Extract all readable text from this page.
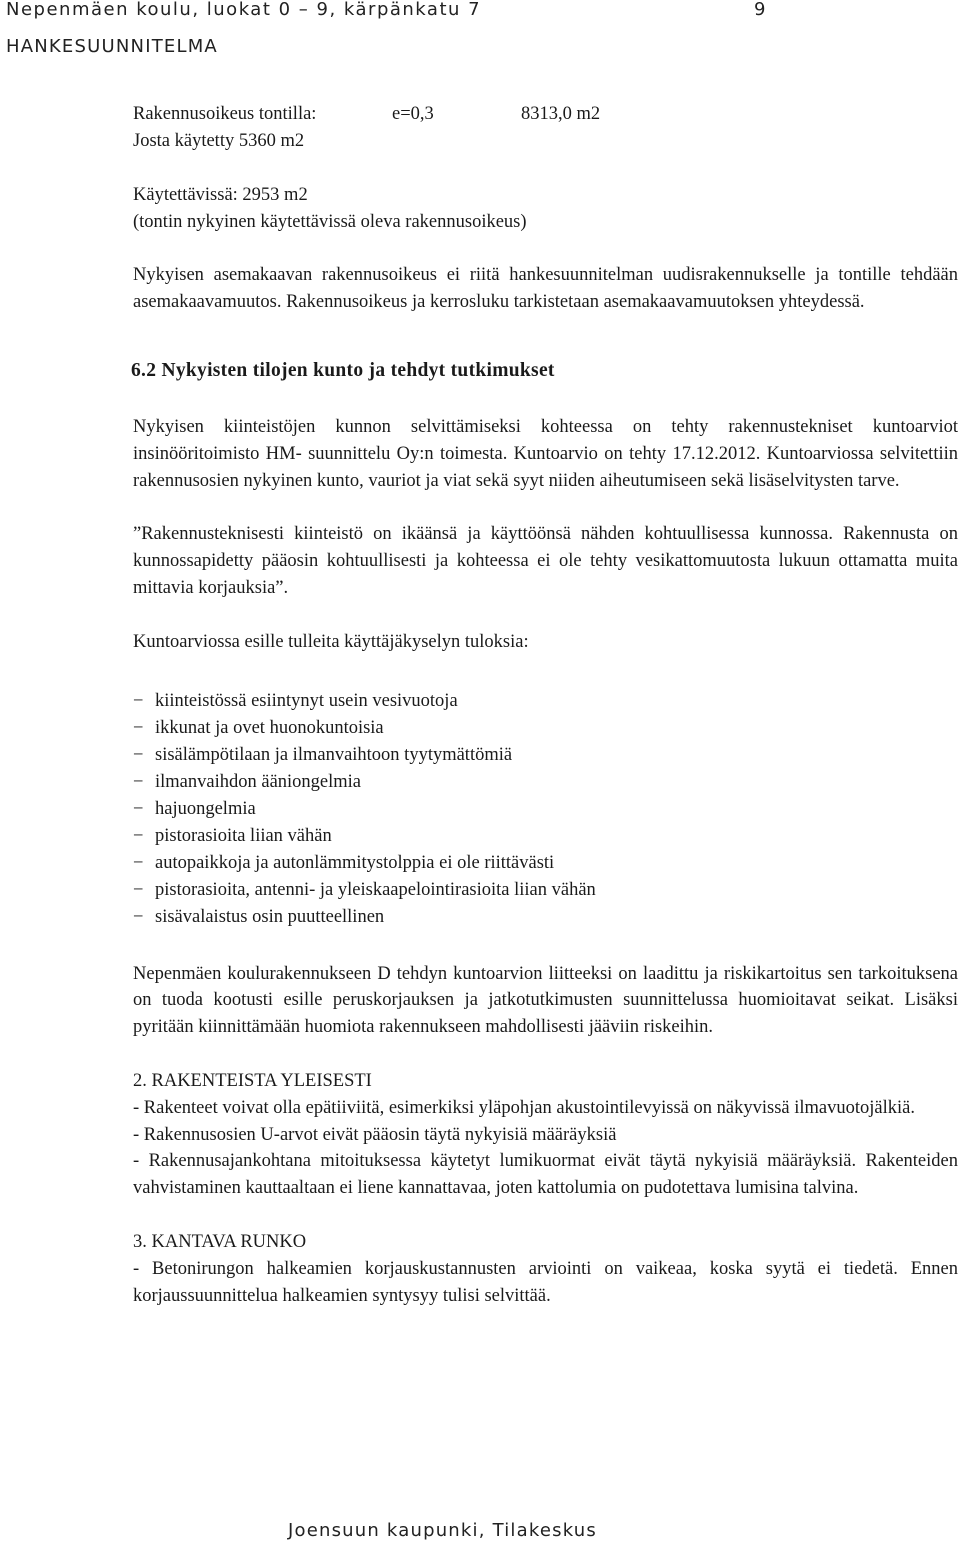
Nepenmäen koulu, luokat 0 – 9, kärpänkatu 7	9
HANKESUUNNITELMA
Rakennusoikeus tontilla:	e=0,3	8313,0 m2

Josta käytetty 5360 m2

Käytettävissä: 2953 m2

(tontin nykyinen käytettävissä oleva rakennusoikeus)

Nykyisen asemakaavan rakennusoikeus ei riitä hankesuunnitelman uudisrakennukselle ja tontille tehdään asemakaavamuutos. Rakennusoikeus ja kerrosluku tarkistetaan asemakaavamuutoksen yhteydessä.

6.2 Nykyisten tilojen kunto ja tehdyt tutkimukset

Nykyisen kiinteistöjen kunnon selvittämiseksi kohteessa on tehty rakennustekniset kuntoarviot insinööritoimisto HM- suunnittelu Oy:n toimesta. Kuntoarvio on tehty 17.12.2012. Kuntoarviossa selvitettiin rakennusosien nykyinen kunto, vauriot ja viat sekä syyt niiden aiheutumiseen sekä lisäselvitysten tarve.

”Rakennusteknisesti kiinteistö on ikäänsä ja käyttöönsä nähden kohtuullisessa kunnossa. Rakennusta on kunnossapidetty pääosin kohtuullisesti ja kohteessa ei ole tehty vesikattomuutosta lukuun ottamatta muita mittavia korjauksia”.

Kuntoarviossa esille tulleita käyttäjäkyselyn tuloksia:

− kiinteistössä esiintynyt usein vesivuotoja
− ikkunat ja ovet huonokuntoisia
− sisälämpötilaan ja ilmanvaihtoon tyytymättömiä
− ilmanvaihdon ääniongelmia
− hajuongelmia
− pistorasioita liian vähän
− autopaikkoja ja autonlämmitystolppia ei ole riittävästi
− pistorasioita, antenni- ja yleiskaapelointirasioita liian vähän
− sisävalaistus osin puutteellinen

Nepenmäen koulurakennukseen D tehdyn kuntoarvion liitteeksi on laadittu ja riskikartoitus sen tarkoituksena on tuoda kootusti esille peruskorjauksen ja jatkotutkimusten suunnittelussa huomioitavat seikat. Lisäksi pyritään kiinnittämään huomiota rakennukseen mahdollisesti jääviin riskeihin.

2. RAKENTEISTA YLEISESTI

- Rakenteet voivat olla epätiiviitä, esimerkiksi yläpohjan akustointilevyissä on näkyvissä ilmavuotojälkiä.

- Rakennusosien U-arvot eivät pääosin täytä nykyisiä määräyksiä

- Rakennusajankohtana mitoituksessa käytetyt lumikuormat eivät täytä nykyisiä määräyksiä. Rakenteiden vahvistaminen kauttaaltaan ei liene kannattavaa, joten kattolumia on pudotettava lumisina talvina.

3. KANTAVA RUNKO

- Betonirungon halkeamien korjauskustannusten arviointi on vaikeaa, koska syytä ei tiedetä. Ennen korjaussuunnittelua halkeamien syntysyy tulisi selvittää.

Joensuun kaupunki, Tilakeskus
